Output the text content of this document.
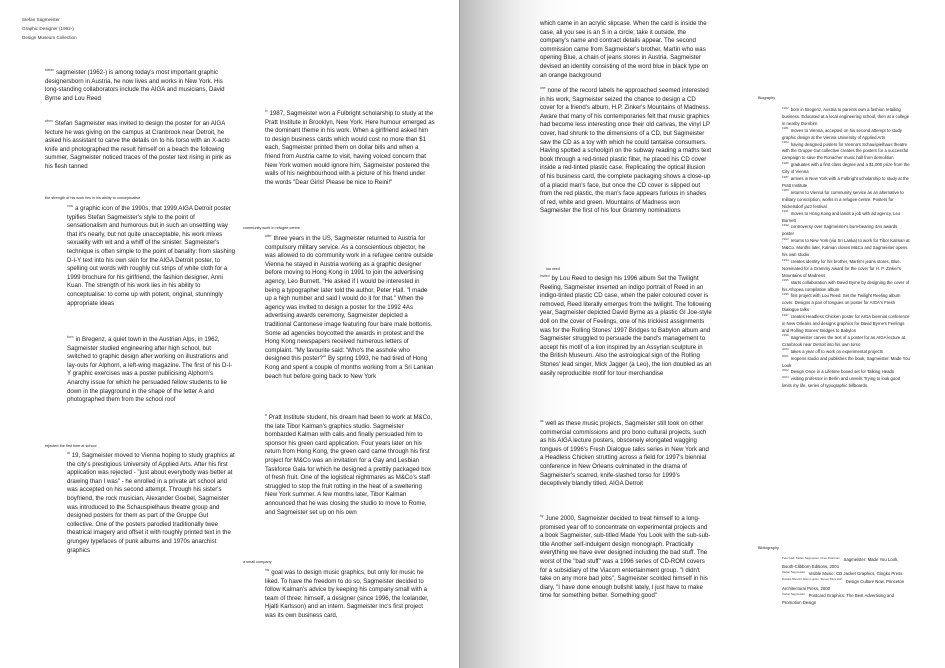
Stefan Sagmeister
Graphic Designer (1962-)
Design Museum Collection

$^{stefan}$ sagmeister (1962-) is among today's most important graphic designersborn in Austria, he now lives and works in New York. His long-standing collaborators include the AIGA and musicians, David Byrne and Lou Reed

$^{when}$ Stefan Sagmeister was invited to design the poster for an AIGA lecture he was giving on the campus at Cranbrook near Detroit, he asked his assistant to carve the details on to his torso with an X-acto knife and photographed the result himself on a beach the following summer, Sagmeister noticed traces of the poster text rising in pink as his flesh tanned

the strength of his work lies in his ability to conceptualise

$^{now}$ a graphic icon of the 1990s, that 1999 AIGA Detroit poster typifies Stefan Sagmeister's style to the point of sensationalism and humorous but in such an unsettling way that it's nearly, but not quite unacceptable, his work mixes sexuality with wit and a whiff of the sinister. Sagmeister's technique is often simple to the point of banality: from slashing D-I-Y text into his own skin for the AIGA Detroit poster, to spelling out words with roughly cut strips of white cloth for a 1999 brochure for his girlfriend, the fashion designer, Anni Kuan. The strength of his work lies in his ability to conceptualise: to come up with potent, original, stunningly appropriate ideas

$^{born}$ in Bregenz, a quiet town in the Austrian Alps, in 1962, Sagmeister studied engineering after high school, but switched to graphic design after working on illustrations and lay-outs for Alphorn, a left-wing magazine. The first of his D-I-Y graphic exercises was a poster publicising Alphorn's Anarchy issue for which he persuaded fellow students to lie down in the playground in the shape of the letter A and photographed them from the school roof

rejected the first time at school

$^{at}$ 19, Sagmeister moved to Vienna hoping to study graphics at the city's prestigious University of Applied Arts. After his first application was rejected - "just about everybody was better at drawing than I was" - he enrolled in a private art school and was accepted on his second attempt. Through his sister's boyfriend, the rock musician, Alexander Goebel, Sagmeister was introduced to the Schauspielhaus theatre group and designed posters for them as part of the Gruppe Gut collective. One of the posters parodied traditionally twee theatrical imagery and offset it with roughly printed text in the grungey typefaces of punk albums and 1970s anarchist graphics

$^{in}$ 1987, Sagmeister won a Fulbright scholarship to study at the Pratt Institute in Brooklyn, New York. Here humour emerged as the dominant theme in his work. When a girlfriend asked him to design business cards which would cost no more than $1 each, Sagmeister printed them on dollar bills and when a friend from Austria came to visit, having voiced concern that New York women would ignore him, Sagmeister postered the walls of his neighbourhood with a picture of his friend under the words "Dear Girls! Please be nice to Reini!"

community work in refugee centre

$^{after}$ three years in the US, Sagmeister returned to Austria for compulsory military service. As a conscientious objector, he was allowed to do community work in a refugee centre outside Vienna he stayed in Austria working as a graphic designer before moving to Hong Kong in 1991 to join the advertising agency, Leo Burnett. "He asked if I would be interested in being a typographer later told the author, Peter Hall. "I made up a high number and said I would do it for that." When the agency was invited to design a poster for the 1992 4As advertising awards ceremony, Sagmeister depicted a traditional Cantonese image featuring four bare male bottoms. Some ad agencies boycotted the awards in protest and the Hong Kong newspapers received numerous letters of complaint. "My favourite said: 'Who's the asshole who designed this poster?'" By spring 1993, he had tired of Hong Kong and spent a couple of months working from a Sri Lankan beach hut before going back to New York

$^a$ Pratt Institute student, his dream had been to work at M&Co, the late Tibor Kalman's graphics studio. Sagmeister bombarded Kalman with calls and finally persuaded him to sponsor his green card application. Four years later on his return from Hong Kong, the green card came through his first project for M&Co was an invitation for a Gay and Lesbian Taskforce Gala for which he designed a prettily packaged box of fresh fruit. One of the logistical nightmares as M&Co's staff struggled to stop the fruit rotting in the heat of a sweltering New York summer. A few months later, Tibor Kalman announced that he was closing the studio to move to Rome, and Sagmeister set up on his own

a small company

$^{his}$ goal was to design music graphics, but only for music he liked. To have the freedom to do so, Sagmeister decided to follow Kalman's advice by keeping his company small with a team of three: himself, a designer (since 1996, the Icelander, Hjalti Karlsson) and an intern. Sagmeister Inc's first project was its own business card,

which came in an acrylic slipcase. When the card is inside the case, all you see is an S in a circle; take it outside, the company's name and contract details appear. The second commission came from Sagmeister's brother, Martin who was opening Blue, a chain of jeans stores in Austria. Sagmeister devised an identity consisting of the word blue in black type on an orange background

$^{one}$ none of the record labels he approached seemed interested in his work, Sagmeister seized the chance to design a CD cover for a friend's album, H.P. Zinker's Mountains of Madness. Aware that many of his contemporaries felt that music graphics had become less interesting once their old canvas, the vinyl LP cover, had shrunk to the dimensions of a CD, but Sagmeister saw the CD as a toy with which he could tantalise consumers. Having spotted a schoolgirl on the subway reading a maths text book through a red-tinted plastic filter, he placed his CD cover inside a red-tinted plastic case. Replicating the optical illusion of his business card, the complete packaging shows a close-up of a placid man's face, but once the CD cover is slipped out from the red plastic, the man's face appears furious in shades of red, white and green. Mountains of Madness won Sagmeister the first of his four Grammy nominations

lou reed

$^{invited}$ by Lou Reed to design his 1996 album Set the Twilight Reeling, Sagmeister inserted an indigo portrait of Reed in an indigo-tinted plastic CD case, when the paler coloured cover is removed, Reed literally emerges from the twilight. The following year, Sagmeister depicted David Byrne as a plastic GI Joe-style doll on the cover of Feelings, one of his trickiest assignments was for the Rolling Stones' 1997 Bridges to Babylon album and Sagmeister struggled to persuade the band's management to accept his motif of a lion inspired by an Assyrian sculpture in the British Museum. Also the astrological sign of the Rolling Stones' lead singer, Mick Jagger (a Leo), the lion doubled as an easily reproducible motif for tour merchandise

$^{as}$ well as these music projects, Sagmeister still took on other commercial commissions and pro bono cultural projects, such as his AIGA lecture posters, obscenely elongated wagging tongues of 1996's Fresh Dialogue talks series in New York and a Headless Chicken strutting across a field for 1997's biennial conference in New Orleans culminated in the drama of Sagmeister's scarred, knife-slashed torso for 1999's deceptively blandly titled, AIGA Detroit

$^{by}$ June 2000, Sagmeister decided to treat himself to a long-promised year off to concentrate on experimental projects and a book Sagmeister, sub-titled Made You Look with the sub-sub-title Another self-indulgent design monograph. Practically everything we have ever designed including the bad stuff. The worst of the "bad stuff" was a 1996 series of CD-ROM covers for a subsidiary of the Viacom entertainment group. "I didn't take on any more bad jobs", Sagmeister scolded himself in his diary, "I have done enough bullshit lately, I just have to make time for something better. Something good"

Biography
$^{1962}$ born in Bregenz, Austria to parents own a fashion retailing business. Educated at a local engineering school, then at a college in nearby Dornbirn
$^{1981}$ moves to Vienna, accepted on his second attempt to study graphic design at the Vienna University of Applied Arts
$^{1984}$ having designed posters for Vienna's Schauspielhaus theatre with the Gruppe Gut collective creates the posters for a successful campaign to save the Ronacher music hall from demolition
$^{1986}$ graduates with a first class degree and a $1,000 prize from the City of Vienna
$^{1987}$ arrives in New York with a Fulbright scholarship to study at the Pratt Institute
$^{1989}$ returns to Vienna for community service as an alternative to military conscription, works in a refugee centre. Posters for Nickelsdorf jazz festival
$^{1991}$ moves to Hong Kong and lands a job with ad agency, Leo Burnett
$^{1992}$ controversy over Sagmeister's bum-bearing 4As awards poster
$^{1993}$ returns to New York (via Sri Lanka) to work for Tibor Kalman at M&Co. Months later, Kalman closes M&Co and Sagmeister opens his own studio
$^{1994}$ creates identity for his brother, Martin's jeans stores, Blue. Nominated for a Grammy Award for the cover for H. P. Zinker's Mountains of Madness
$^{1995}$ starts collaboration with David Byrne by designing the cover of his Afropea compilation album
$^{1996}$ first project with Lou Reed: Set the Twilight Reeling album cover. Designs a pair of tongues on poster for AIGA's Fresh Dialogue talks
$^{1997}$ creates Headless Chicken poster for AIGA biennial conference in New Orleans and designs graphics for David Byrne's Feelings and Rolling Stones' Bridges to Babylon
$^{1999}$ Sagmeister carves the text of a poster for an AIGA lecture at Cranbrook near Detroit into his own torso
$^{2000}$ takes a year off to work on experimental projects
$^{2001}$ reopens studio and publishes the book, Sagmeister: Made You Look
$^{2002}$ Design Once in a Lifetime boxed set for Talking Heads
$^{2004}$ visiting professor in Berlin and unveils Trying to look good limits my life, series of typographic billboards.
Bibliography
$^{Peter Hall, Stefan Sagmeister, Chee Pearlman,}$ Sagmeister: Made You Look, Booth-Clibborn Editions, 2001
$^{Stefan Sagmeister,}$ Visible Music: CD Jacket Graphics, Gingko Press
$^{Donald Albrecht, Ellen Lupton, Steven Skov Holt,}$ Design Culture Now, Princeton Architectural Press, 2000
$^{Stefan Sagmeister,}$ Postcard Graphics: The Best Advertising and Promotion Design
